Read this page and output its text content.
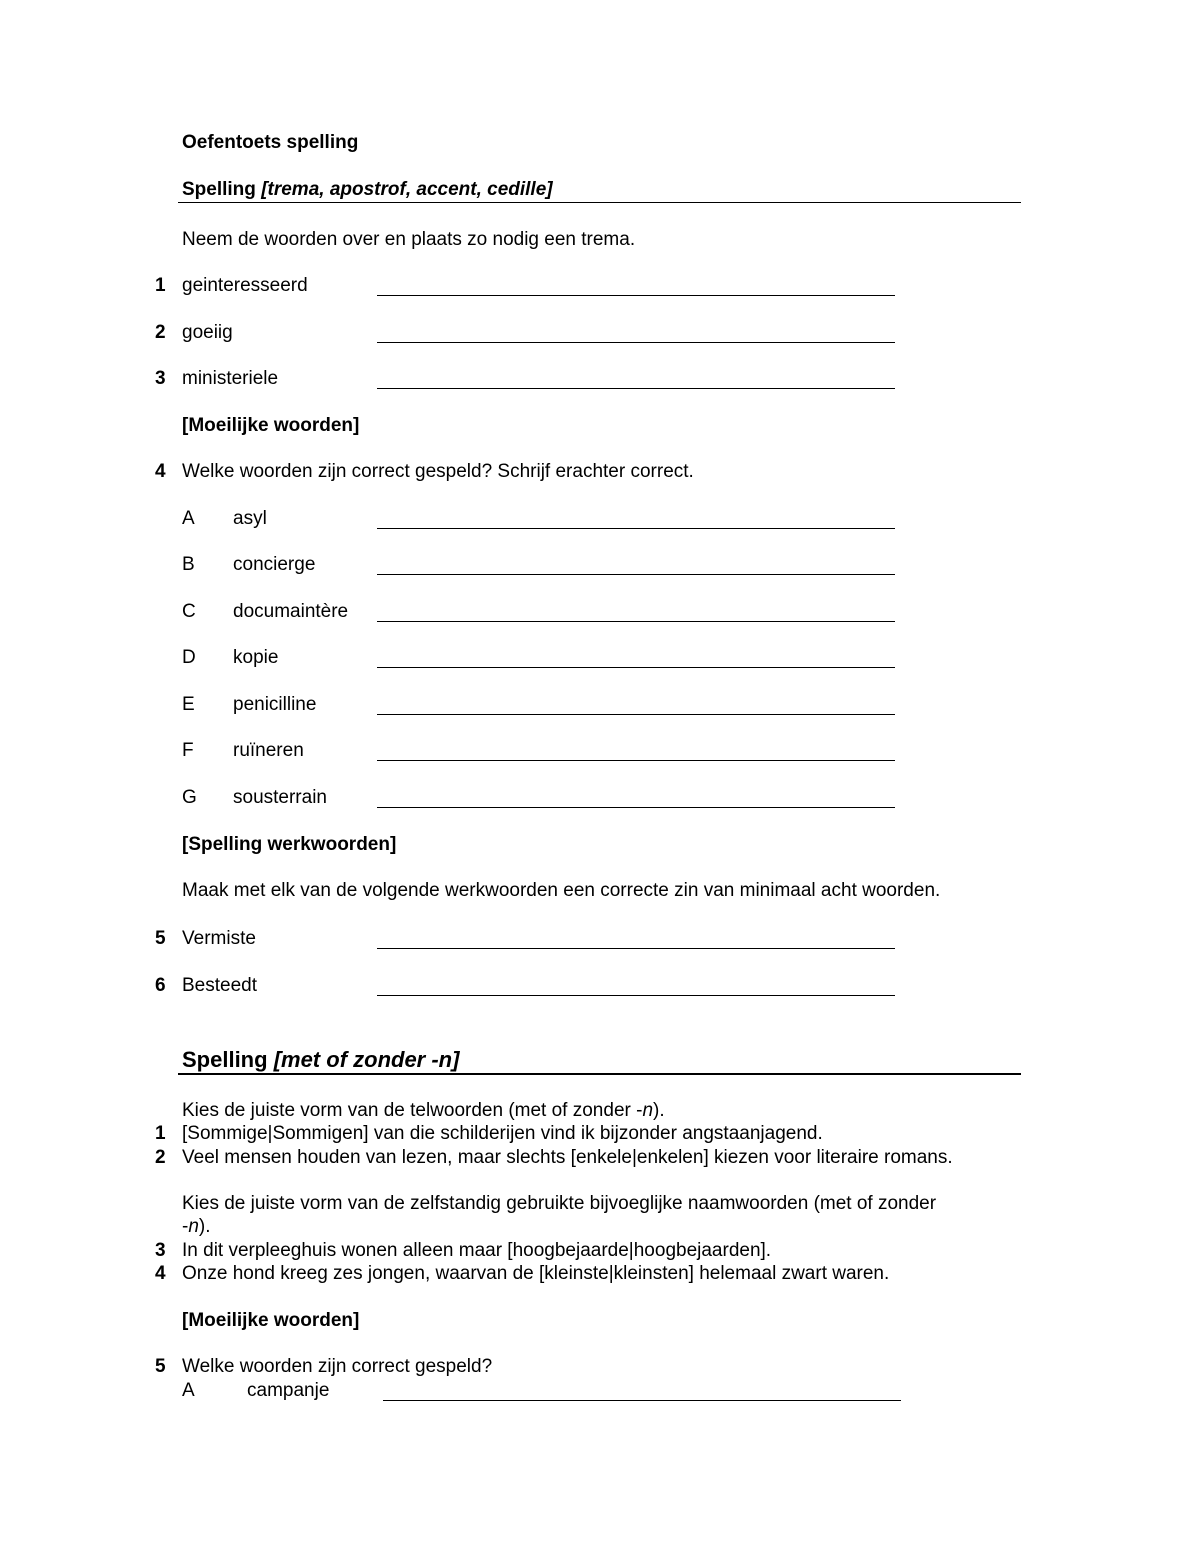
Oefentoets spelling
Spelling [trema, apostrof, accent, cedille]
Neem de woorden over en plaats zo nodig een trema.
1 geinteresseerd
2 goeiig
3 ministeriele
[Moeilijke woorden]
4 Welke woorden zijn correct gespeld? Schrijf erachter correct.
A asyl
B concierge
C documaintère
D kopie
E penicilline
F ruïneren
G sousterrain
[Spelling werkwoorden]
Maak met elk van de volgende werkwoorden een correcte zin van minimaal acht woorden.
5 Vermiste
6 Besteedt
Spelling [met of zonder -n]
Kies de juiste vorm van de telwoorden (met of zonder -n).
1 [Sommige|Sommigen] van die schilderijen vind ik bijzonder angstaanjagend.
2 Veel mensen houden van lezen, maar slechts [enkele|enkelen] kiezen voor literaire romans.
Kies de juiste vorm van de zelfstandig gebruikte bijvoeglijke naamwoorden (met of zonder
-n).
3 In dit verpleeghuis wonen alleen maar [hoogbejaarde|hoogbejaarden].
4 Onze hond kreeg zes jongen, waarvan de [kleinste|kleinsten] helemaal zwart waren.
[Moeilijke woorden]
5 Welke woorden zijn correct gespeld?
A	campanje
